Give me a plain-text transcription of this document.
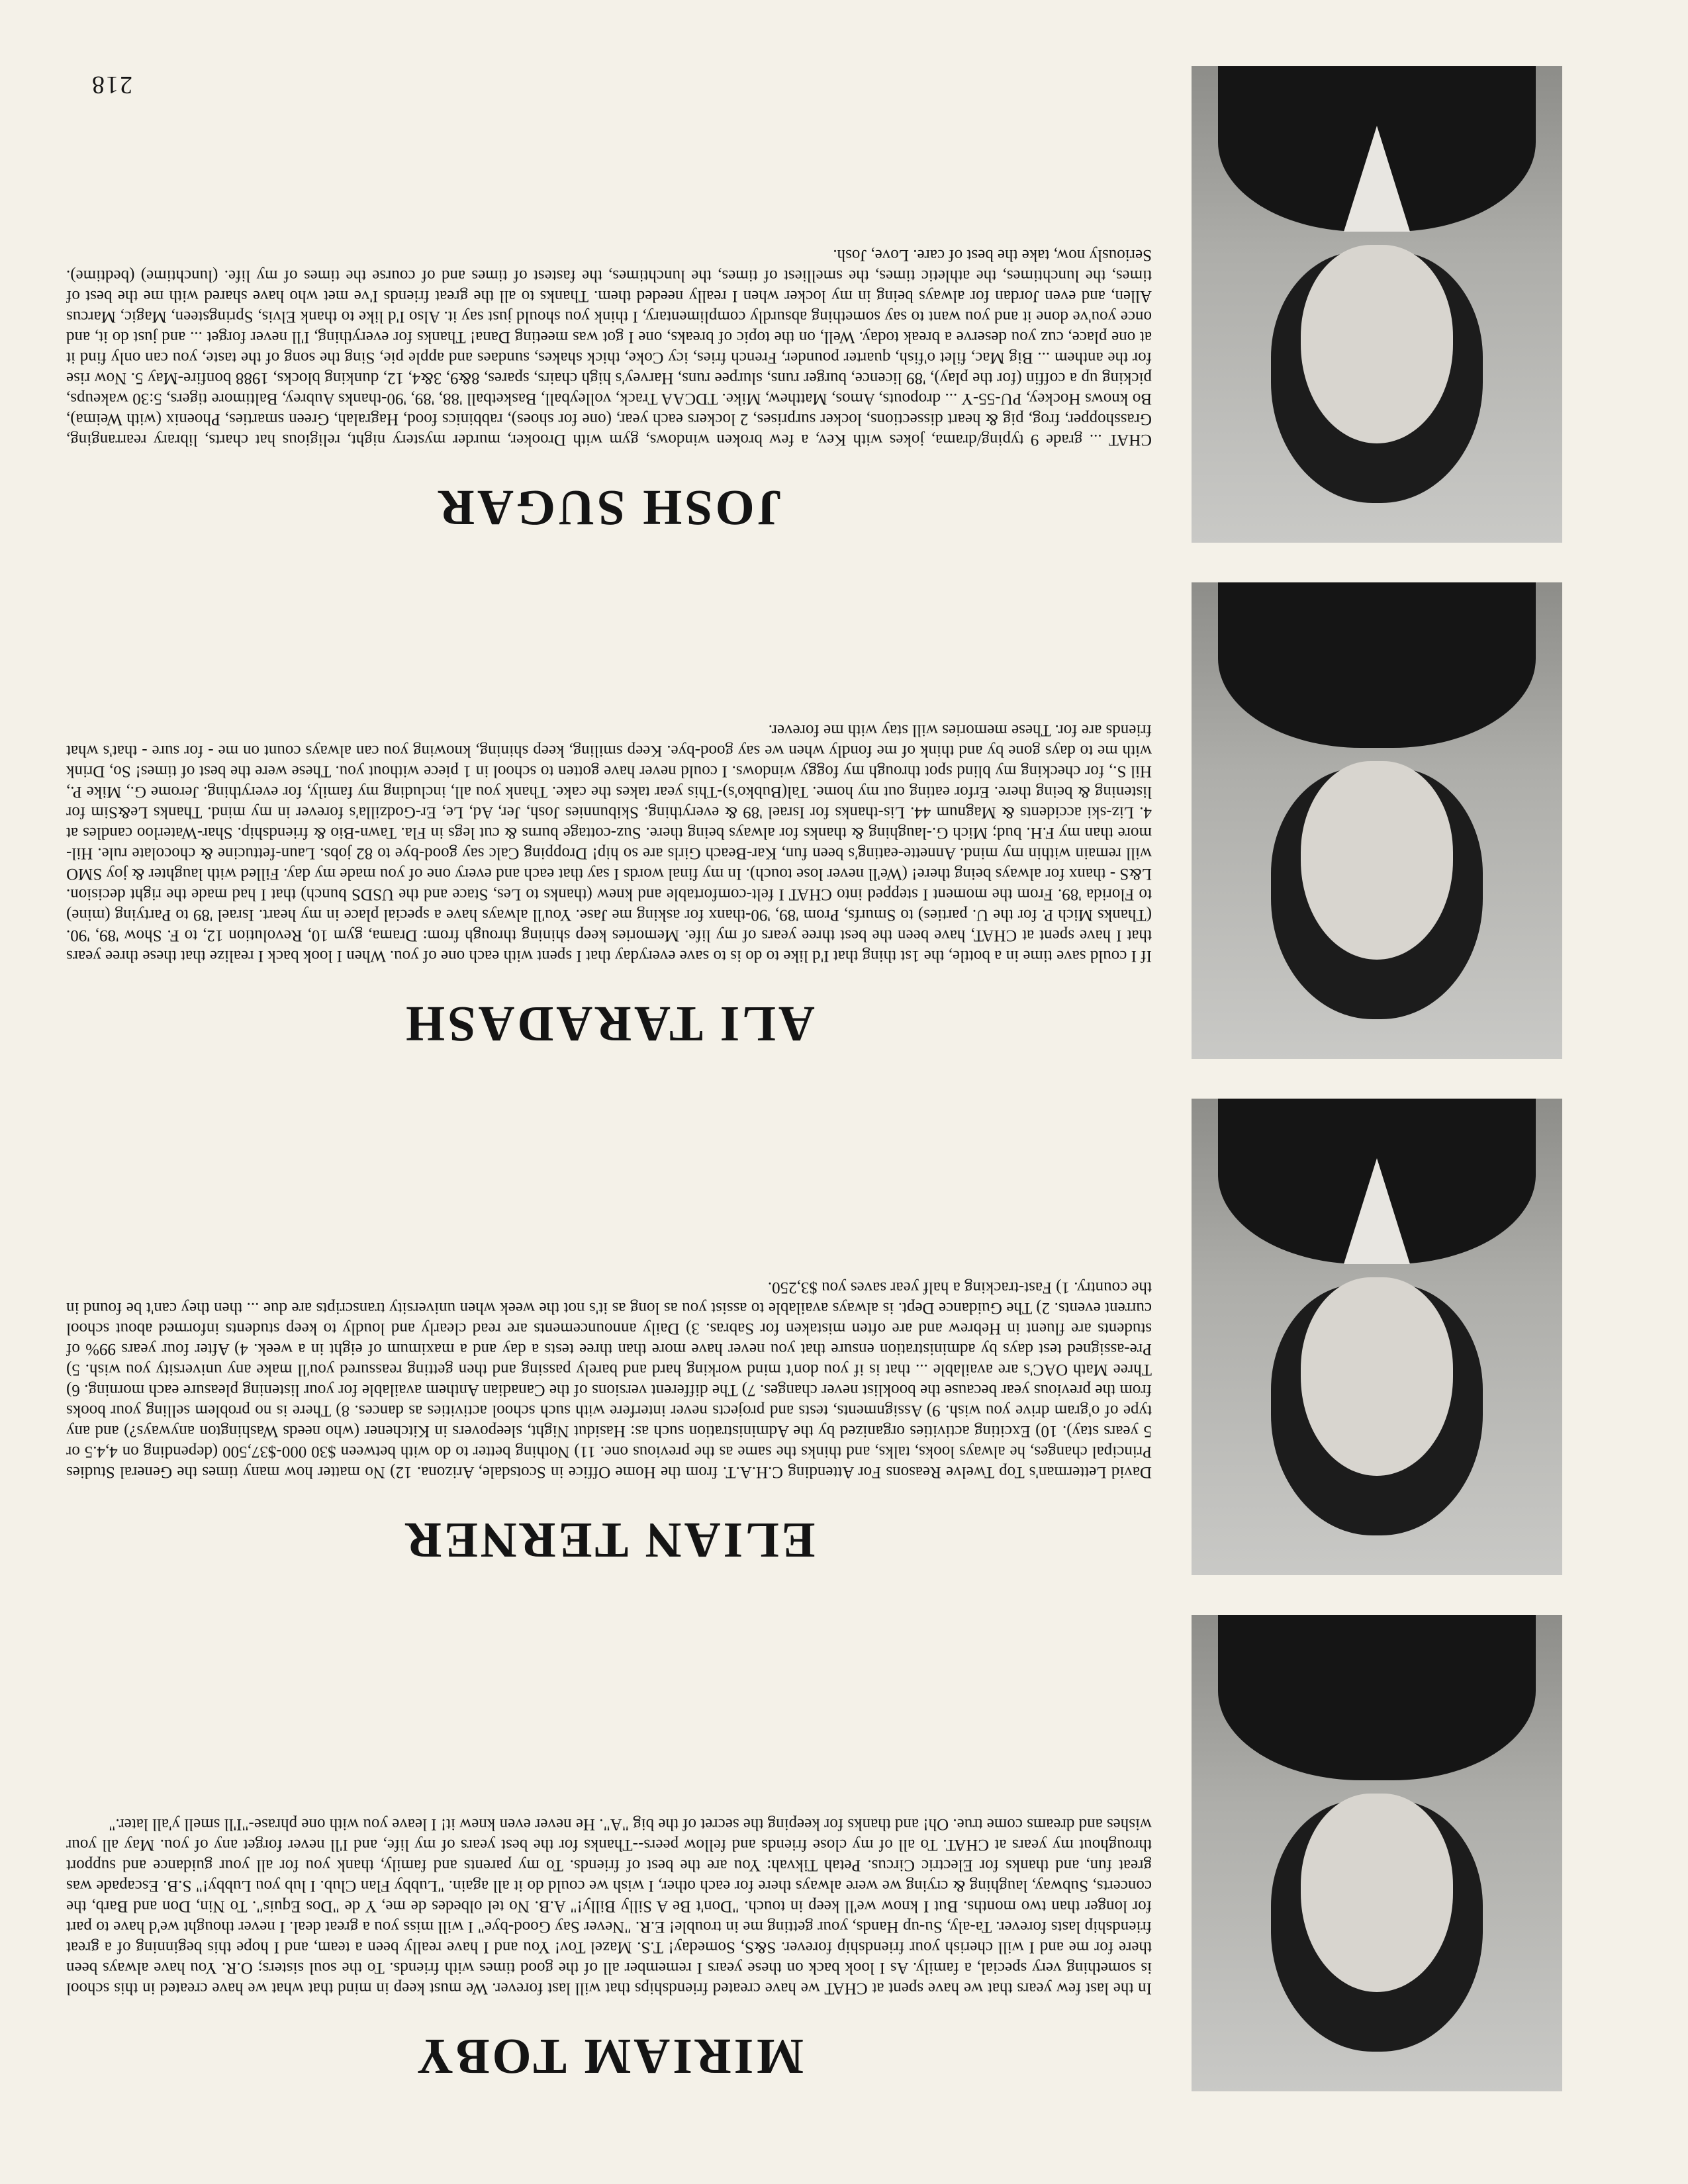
218
MIRIAM TOBY

In the last few years that we have spent at CHAT we have created friendships that will last forever. We must keep in mind that what we have created in this school is something very special, a family. As I look back on these years I remember all of the good times with friends. To the soul sisters; O.R. You have always been there for me and I will cherish your friendship forever. S&S, Someday! T.S. Mazel Tov! You and I have really been a team, and I hope this beginning of a great friendship lasts forever. Ta-aly, Su-up Hands, your getting me in trouble! E.R. "Never Say Good-bye" I will miss you a great deal. I never thought we'd have to part for longer than two months. But I know we'll keep in touch. "Don't Be A Silly Billy!" A.B. No tel olbedes de me, Y de "Dos Equis". To Nin, Don and Barb, the concerts, Subway, laughing & crying we were always there for each other, I wish we could do it all again. "Lubby Flan Club. I lub you Lubby!" S.B. Escapade was great fun, and thanks for Electric Circus. Petah Tikvah: You are the best of friends. To my parents and family, thank you for all your guidance and support throughout my years at CHAT. To all of my close friends and fellow peers--Thanks for the best years of my life, and I'll never forget any of you. May all your wishes and dreams come true. Oh! and thanks for keeping the secret of the big "A". He never even knew it! I leave you with one phrase-"I'll smell y'all later."

ELIAN TERNER

David Letterman's Top Twelve Reasons For Attending C.H.A.T. from the Home Office in Scotsdale, Arizona. 12) No matter how many times the General Studies Principal changes, he always looks, talks, and thinks the same as the previous one. 11) Nothing better to do with between $30 000-$37,500 (depending on 4,4.5 or 5 years stay). 10) Exciting activities organized by the Administration such as: Hasidut Night, sleepovers in Kitchener (who needs Washington anyways?) and any type of o'gram drive you wish. 9) Assignments, tests and projects never interfere with such school activities as dances. 8) There is no problem selling your books from the previous year because the booklist never changes. 7) The different versions of the Canadian Anthem available for your listening pleasure each morning. 6) Three Math OAC's are available ... that is if you don't mind working hard and barely passing and then getting reassured you'll make any university you wish. 5) Pre-assigned test days by administration ensure that you never have more than three tests a day and a maximum of eight in a week. 4) After four years 99% of students are fluent in Hebrew and are often mistaken for Sabras. 3) Daily announcements are read clearly and loudly to keep students informed about school current events. 2) The Guidance Dept. is always available to assist you as long as it's not the week when university transcripts are due ... then they can't be found in the country. 1) Fast-tracking a half year saves you $3,250.

ALI TARADASH

If I could save time in a bottle, the 1st thing that I'd like to do is to save everyday that I spent with each one of you. When I look back I realize that these three years that I have spent at CHAT, have been the best three years of my life. Memories keep shining through from: Drama, gym 10, Revolution 12, to F. Show '89, '90. (Thanks Mich P. for the U. parties) to Smurfs, Prom '89, '90-thanx for asking me Jase. You'll always have a special place in my heart. Israel '89 to Partying (mine) to Florida '89. From the moment I stepped into CHAT I felt-comfortable and knew (thanks to Les, Stace and the USDS bunch) that I had made the right decision. L&S - thanx for always being there! (We'll never lose touch). In my final words I say that each and every one of you made my day. Filled with laughter & joy SMO will remain within my mind. Annette-eating's been fun, Kar-Beach Girls are so hip! Dropping Calc say good-bye to 82 jobs. Laun-fettucine & chocolate rule. Hil-more than my F.H. bud; Mich G.-laughing & thanks for always being there. Suz-cottage burns & cut legs in Fla. Tawn-Bio & friendship. Shar-Waterloo candles at 4. Liz-ski accidents & Magnum 44. Lis-thanks for Israel '89 & everything. Skibunnies Josh, Jer, Ad, Le, Er-Godzilla's forever in my mind. Thanks Le&Sim for listening & being there. Erfor eating out my home. Tal(Bubko's)-This year takes the cake. Thank you all, including my family, for everything. Jerome G., Mike P., Hil S., for checking my blind spot through my foggy windows. I could never have gotten to school in 1 piece without you. These were the best of times! So, Drink with me to days gone by and think of me fondly when we say good-bye. Keep smiling, keep shining, knowing you can always count on me - for sure - that's what friends are for. These memories will stay with me forever.

JOSH SUGAR

CHAT ... grade 9 typing/drama, jokes with Kev, a few broken windows, gym with Drooker, murder mystery night, religious hat charts, library rearranging, Grasshopper, frog, pig & heart dissections, locker surprises, 2 lockers each year, (one for shoes), rabbinics food, Hagralah, Green smarties, Phoenix (with Weima), Bo knows Hockey, PU-55-Y ... dropouts, Amos, Matthew, Mike. TDCAA Track, volleyball, Basketball '88, '89, '90-thanks Aubrey, Baltimore tigers, 5:30 wakeups, picking up a coffin (for the play), '89 licence, burger runs, slurpee runs, Harvey's high chairs, spares, 8&9, 3&4, 12, dunking blocks, 1988 bonfire-May 5. Now rise for the anthem ... Big Mac, filet o'fish, quarter pounder, French fries, icy Coke, thick shakes, sundaes and apple pie, Sing the song of the taste, you can only find it at one place, cuz you deserve a break today. Well, on the topic of breaks, one I got was meeting Dana! Thanks for everything, I'll never forget ... and just do it, and once you've done it and you want to say something absurdly complimentary, I think you should just say it. Also I'd like to thank Elvis, Springsteen, Magic, Marcus Allen, and even Jordan for always being in my locker when I really needed them. Thanks to all the great friends I've met who have shared with me the best of times, the lunchtimes, the athletic times, the smelliest of times, the lunchtimes, the fastest of times and of course the times of my life. (lunchtime) (bedtime). Seriously now, take the best of care. Love, Josh.
